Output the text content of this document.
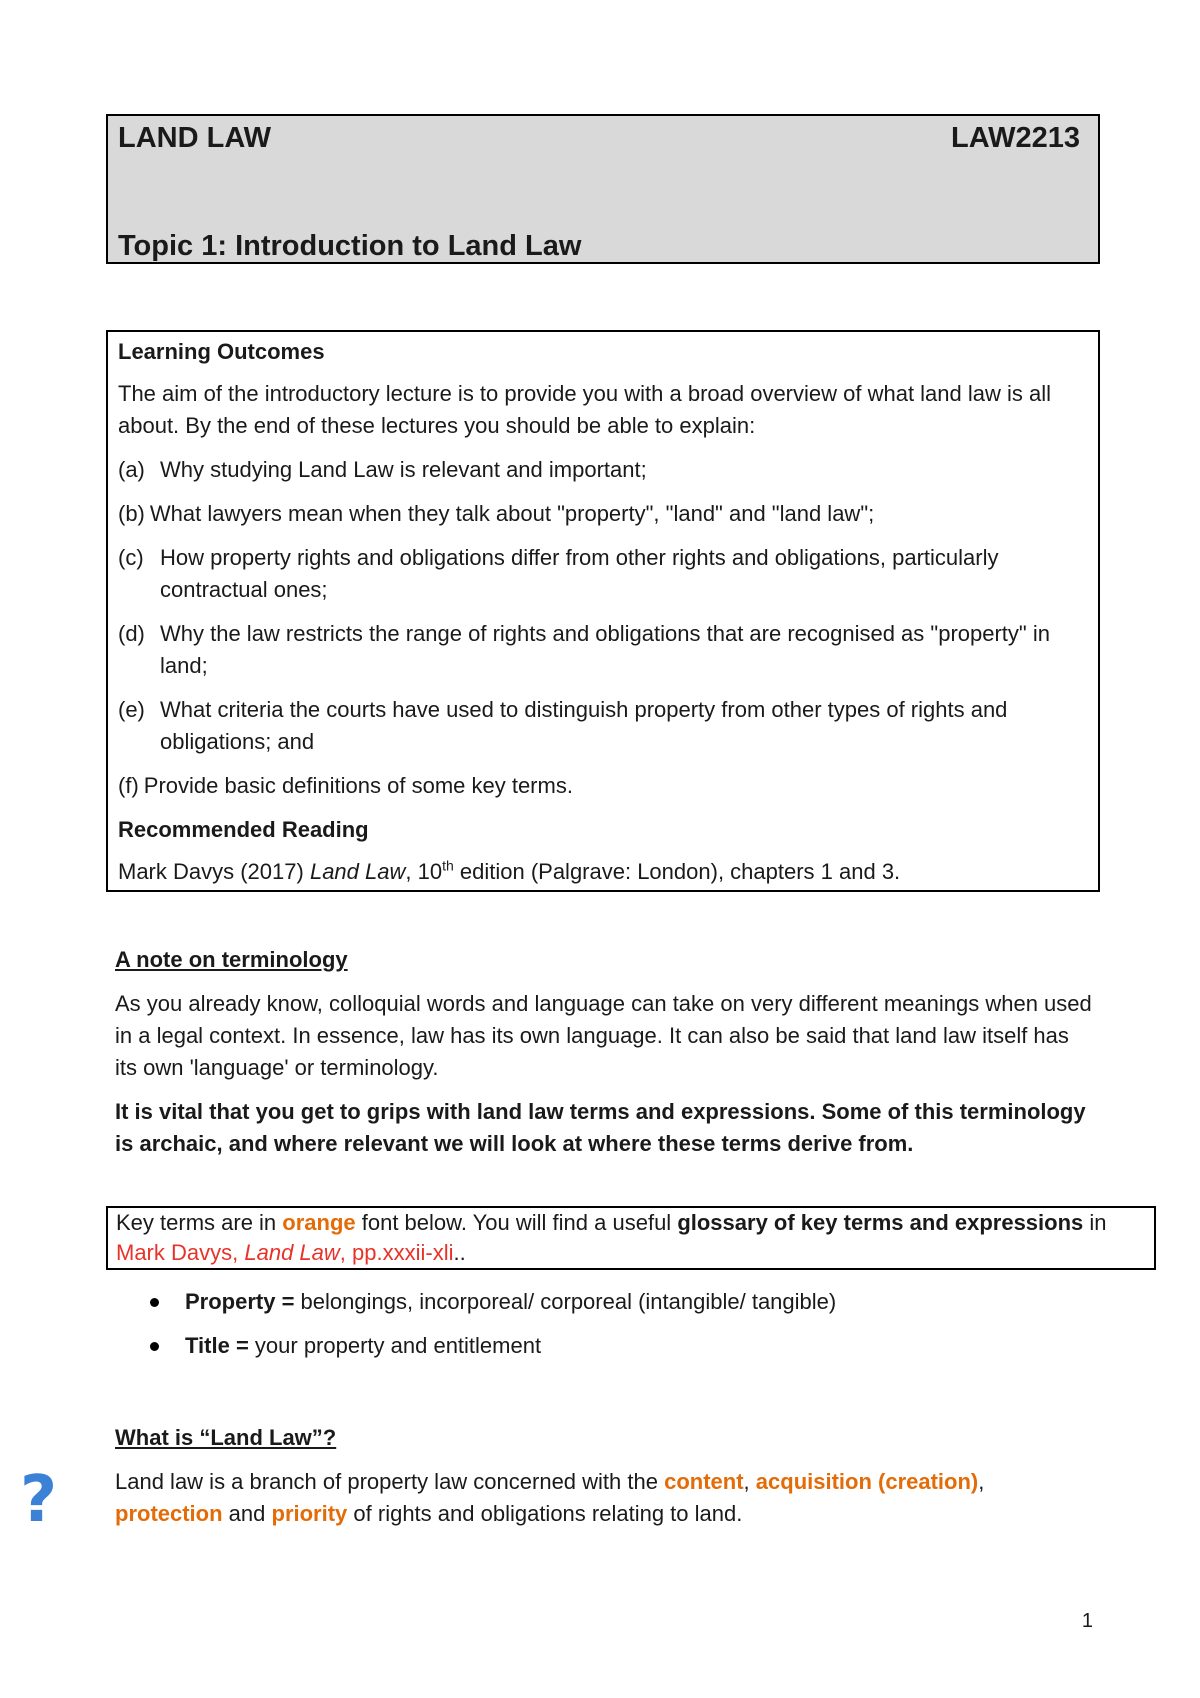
LAND LAW	LAW2213
Topic 1: Introduction to Land Law

Learning Outcomes

The aim of the introductory lecture is to provide you with a broad overview of what land law is all about. By the end of these lectures you should be able to explain:

(a) Why studying Land Law is relevant and important;
(b) What lawyers mean when they talk about "property", "land" and "land law";
(c) How property rights and obligations differ from other rights and obligations, particularly contractual ones;
(d) Why the law restricts the range of rights and obligations that are recognised as "property" in land;
(e) What criteria the courts have used to distinguish property from other types of rights and obligations; and
(f) Provide basic definitions of some key terms.

Recommended Reading

Mark Davys (2017) Land Law, 10th edition (Palgrave: London), chapters 1 and 3.

A note on terminology

As you already know, colloquial words and language can take on very different meanings when used in a legal context. In essence, law has its own language. It can also be said that land law itself has its own 'language' or terminology.

It is vital that you get to grips with land law terms and expressions. Some of this terminology is archaic, and where relevant we will look at where these terms derive from.

Key terms are in orange font below. You will find a useful glossary of key terms and expressions in Mark Davys, Land Law, pp.xxxii-xli..
Property = belongings, incorporeal/ corporeal (intangible/ tangible)
Title = your property and entitlement

What is “Land Law”?

Land law is a branch of property law concerned with the content, acquisition (creation), protection and priority of rights and obligations relating to land.

?
1
